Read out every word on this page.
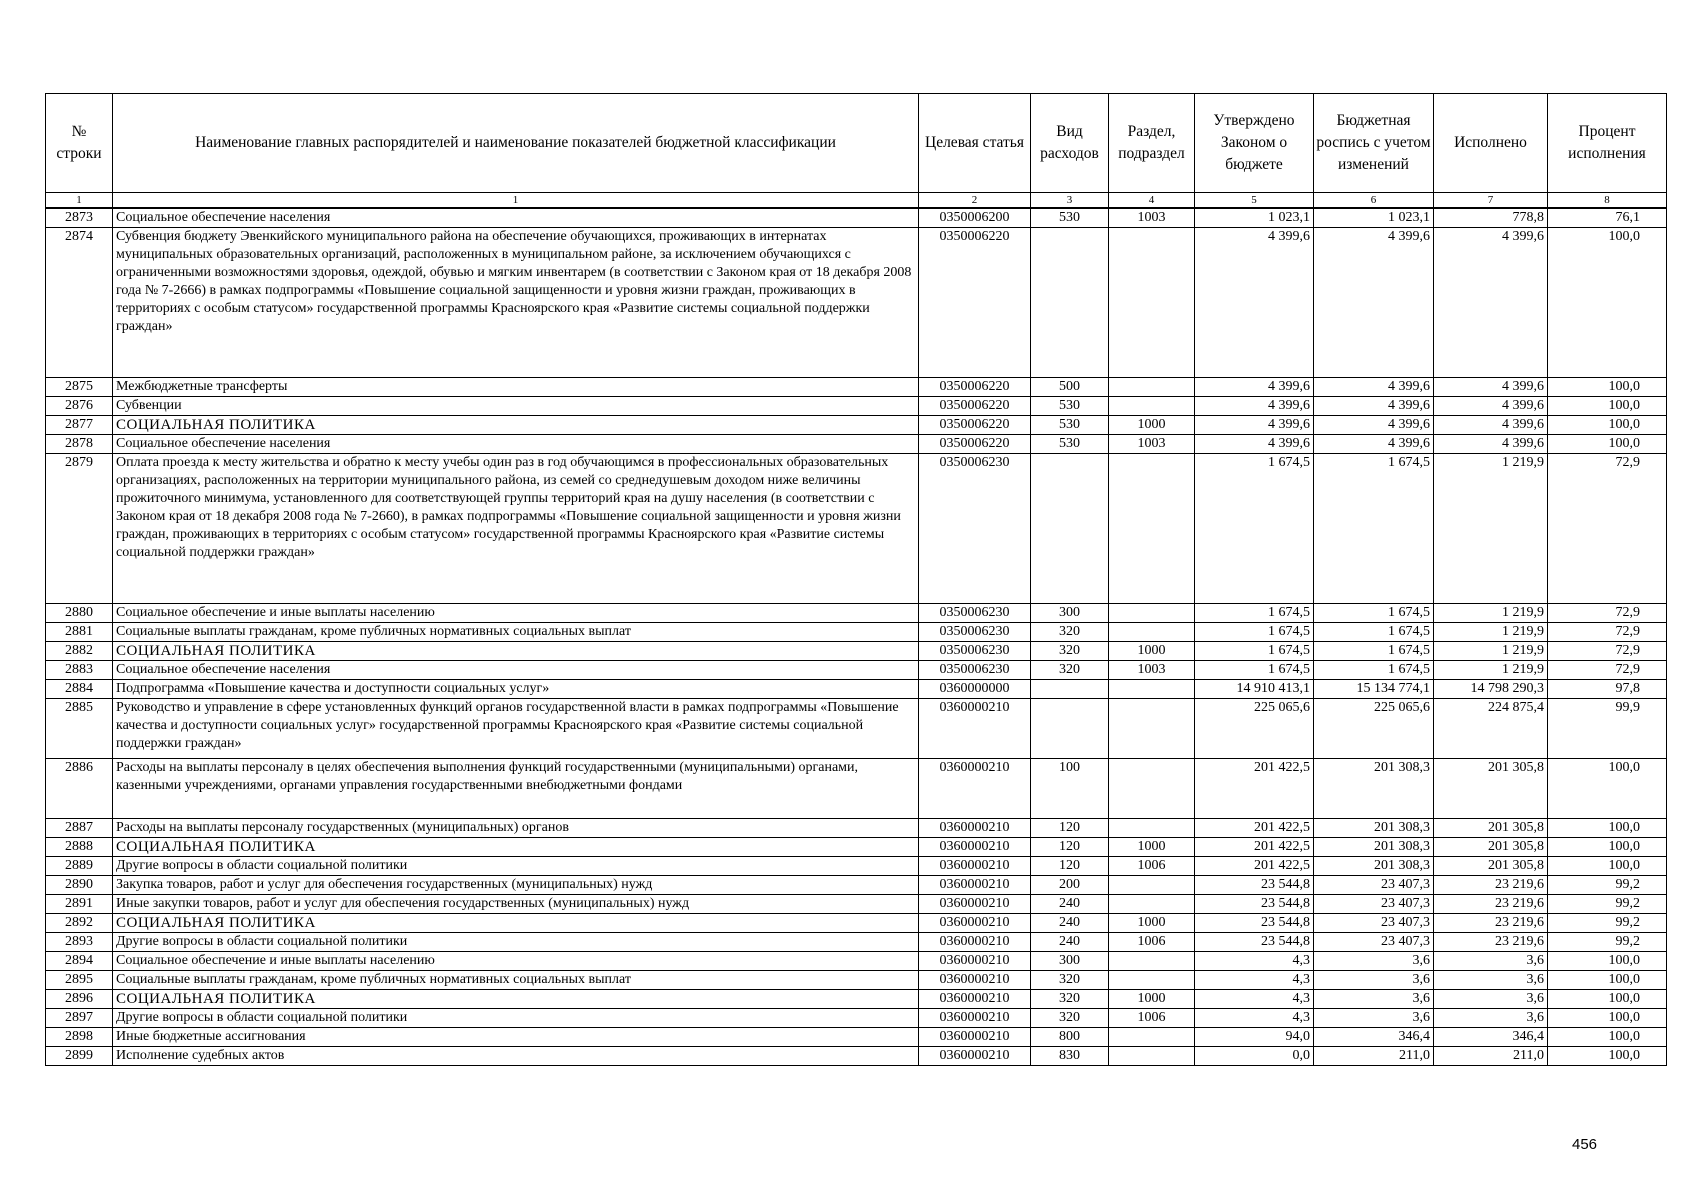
№ строки	Наименование главных распорядителей и наименование показателей бюджетной классификации	Целевая статья	Вид расходов	Раздел, подраздел	Утверждено Законом о бюджете	Бюджетная роспись с учетом изменений	Исполнено	Процент исполнения
1	1	2	3	4	5	6	7	8
2873	Социальное обеспечение населения	0350006200	530	1003	1 023,1	1 023,1	778,8	76,1
2874	Субвенция бюджету Эвенкийского муниципального района на обеспечение обучающихся, проживающих в интернатах муниципальных образовательных организаций, расположенных в муниципальном районе, за исключением обучающихся с ограниченными возможностями здоровья, одеждой, обувью и мягким инвентарем (в соответствии с Законом края от 18 декабря 2008 года № 7-2666) в рамках подпрограммы «Повышение социальной защищенности и уровня жизни граждан, проживающих в территориях с особым статусом» государственной программы Красноярского края «Развитие системы социальной поддержки граждан»	0350006220			4 399,6	4 399,6	4 399,6	100,0
2875	Межбюджетные трансферты	0350006220	500		4 399,6	4 399,6	4 399,6	100,0
2876	Субвенции	0350006220	530		4 399,6	4 399,6	4 399,6	100,0
2877	СОЦИАЛЬНАЯ ПОЛИТИКА	0350006220	530	1000	4 399,6	4 399,6	4 399,6	100,0
2878	Социальное обеспечение населения	0350006220	530	1003	4 399,6	4 399,6	4 399,6	100,0
2879	Оплата проезда к месту жительства и обратно к месту учебы один раз в год обучающимся в профессиональных образовательных организациях, расположенных на территории муниципального района, из семей со среднедушевым доходом ниже величины прожиточного минимума, установленного для соответствующей группы территорий края на душу населения (в соответствии с Законом края от 18 декабря 2008 года № 7-2660), в рамках подпрограммы «Повышение социальной защищенности и уровня жизни граждан, проживающих в территориях с особым статусом» государственной программы Красноярского края «Развитие системы социальной поддержки граждан»	0350006230			1 674,5	1 674,5	1 219,9	72,9
2880	Социальное обеспечение и иные выплаты населению	0350006230	300		1 674,5	1 674,5	1 219,9	72,9
2881	Социальные выплаты гражданам, кроме публичных нормативных социальных выплат	0350006230	320		1 674,5	1 674,5	1 219,9	72,9
2882	СОЦИАЛЬНАЯ ПОЛИТИКА	0350006230	320	1000	1 674,5	1 674,5	1 219,9	72,9
2883	Социальное обеспечение населения	0350006230	320	1003	1 674,5	1 674,5	1 219,9	72,9
2884	Подпрограмма «Повышение качества и доступности социальных услуг»	0360000000			14 910 413,1	15 134 774,1	14 798 290,3	97,8
2885	Руководство и управление в сфере установленных функций органов государственной власти в рамках подпрограммы «Повышение качества и доступности социальных услуг» государственной программы Красноярского края «Развитие системы социальной поддержки граждан»	0360000210			225 065,6	225 065,6	224 875,4	99,9
2886	Расходы на выплаты персоналу в целях обеспечения выполнения функций государственными (муниципальными) органами, казенными учреждениями, органами управления государственными внебюджетными фондами	0360000210	100		201 422,5	201 308,3	201 305,8	100,0
2887	Расходы на выплаты персоналу государственных (муниципальных) органов	0360000210	120		201 422,5	201 308,3	201 305,8	100,0
2888	СОЦИАЛЬНАЯ ПОЛИТИКА	0360000210	120	1000	201 422,5	201 308,3	201 305,8	100,0
2889	Другие вопросы в области социальной политики	0360000210	120	1006	201 422,5	201 308,3	201 305,8	100,0
2890	Закупка товаров, работ и услуг для обеспечения государственных (муниципальных) нужд	0360000210	200		23 544,8	23 407,3	23 219,6	99,2
2891	Иные закупки товаров, работ и услуг для обеспечения государственных (муниципальных) нужд	0360000210	240		23 544,8	23 407,3	23 219,6	99,2
2892	СОЦИАЛЬНАЯ ПОЛИТИКА	0360000210	240	1000	23 544,8	23 407,3	23 219,6	99,2
2893	Другие вопросы в области социальной политики	0360000210	240	1006	23 544,8	23 407,3	23 219,6	99,2
2894	Социальное обеспечение и иные выплаты населению	0360000210	300		4,3	3,6	3,6	100,0
2895	Социальные выплаты гражданам, кроме публичных нормативных социальных выплат	0360000210	320		4,3	3,6	3,6	100,0
2896	СОЦИАЛЬНАЯ ПОЛИТИКА	0360000210	320	1000	4,3	3,6	3,6	100,0
2897	Другие вопросы в области социальной политики	0360000210	320	1006	4,3	3,6	3,6	100,0
2898	Иные бюджетные ассигнования	0360000210	800		94,0	346,4	346,4	100,0
2899	Исполнение судебных актов	0360000210	830		0,0	211,0	211,0	100,0
456
